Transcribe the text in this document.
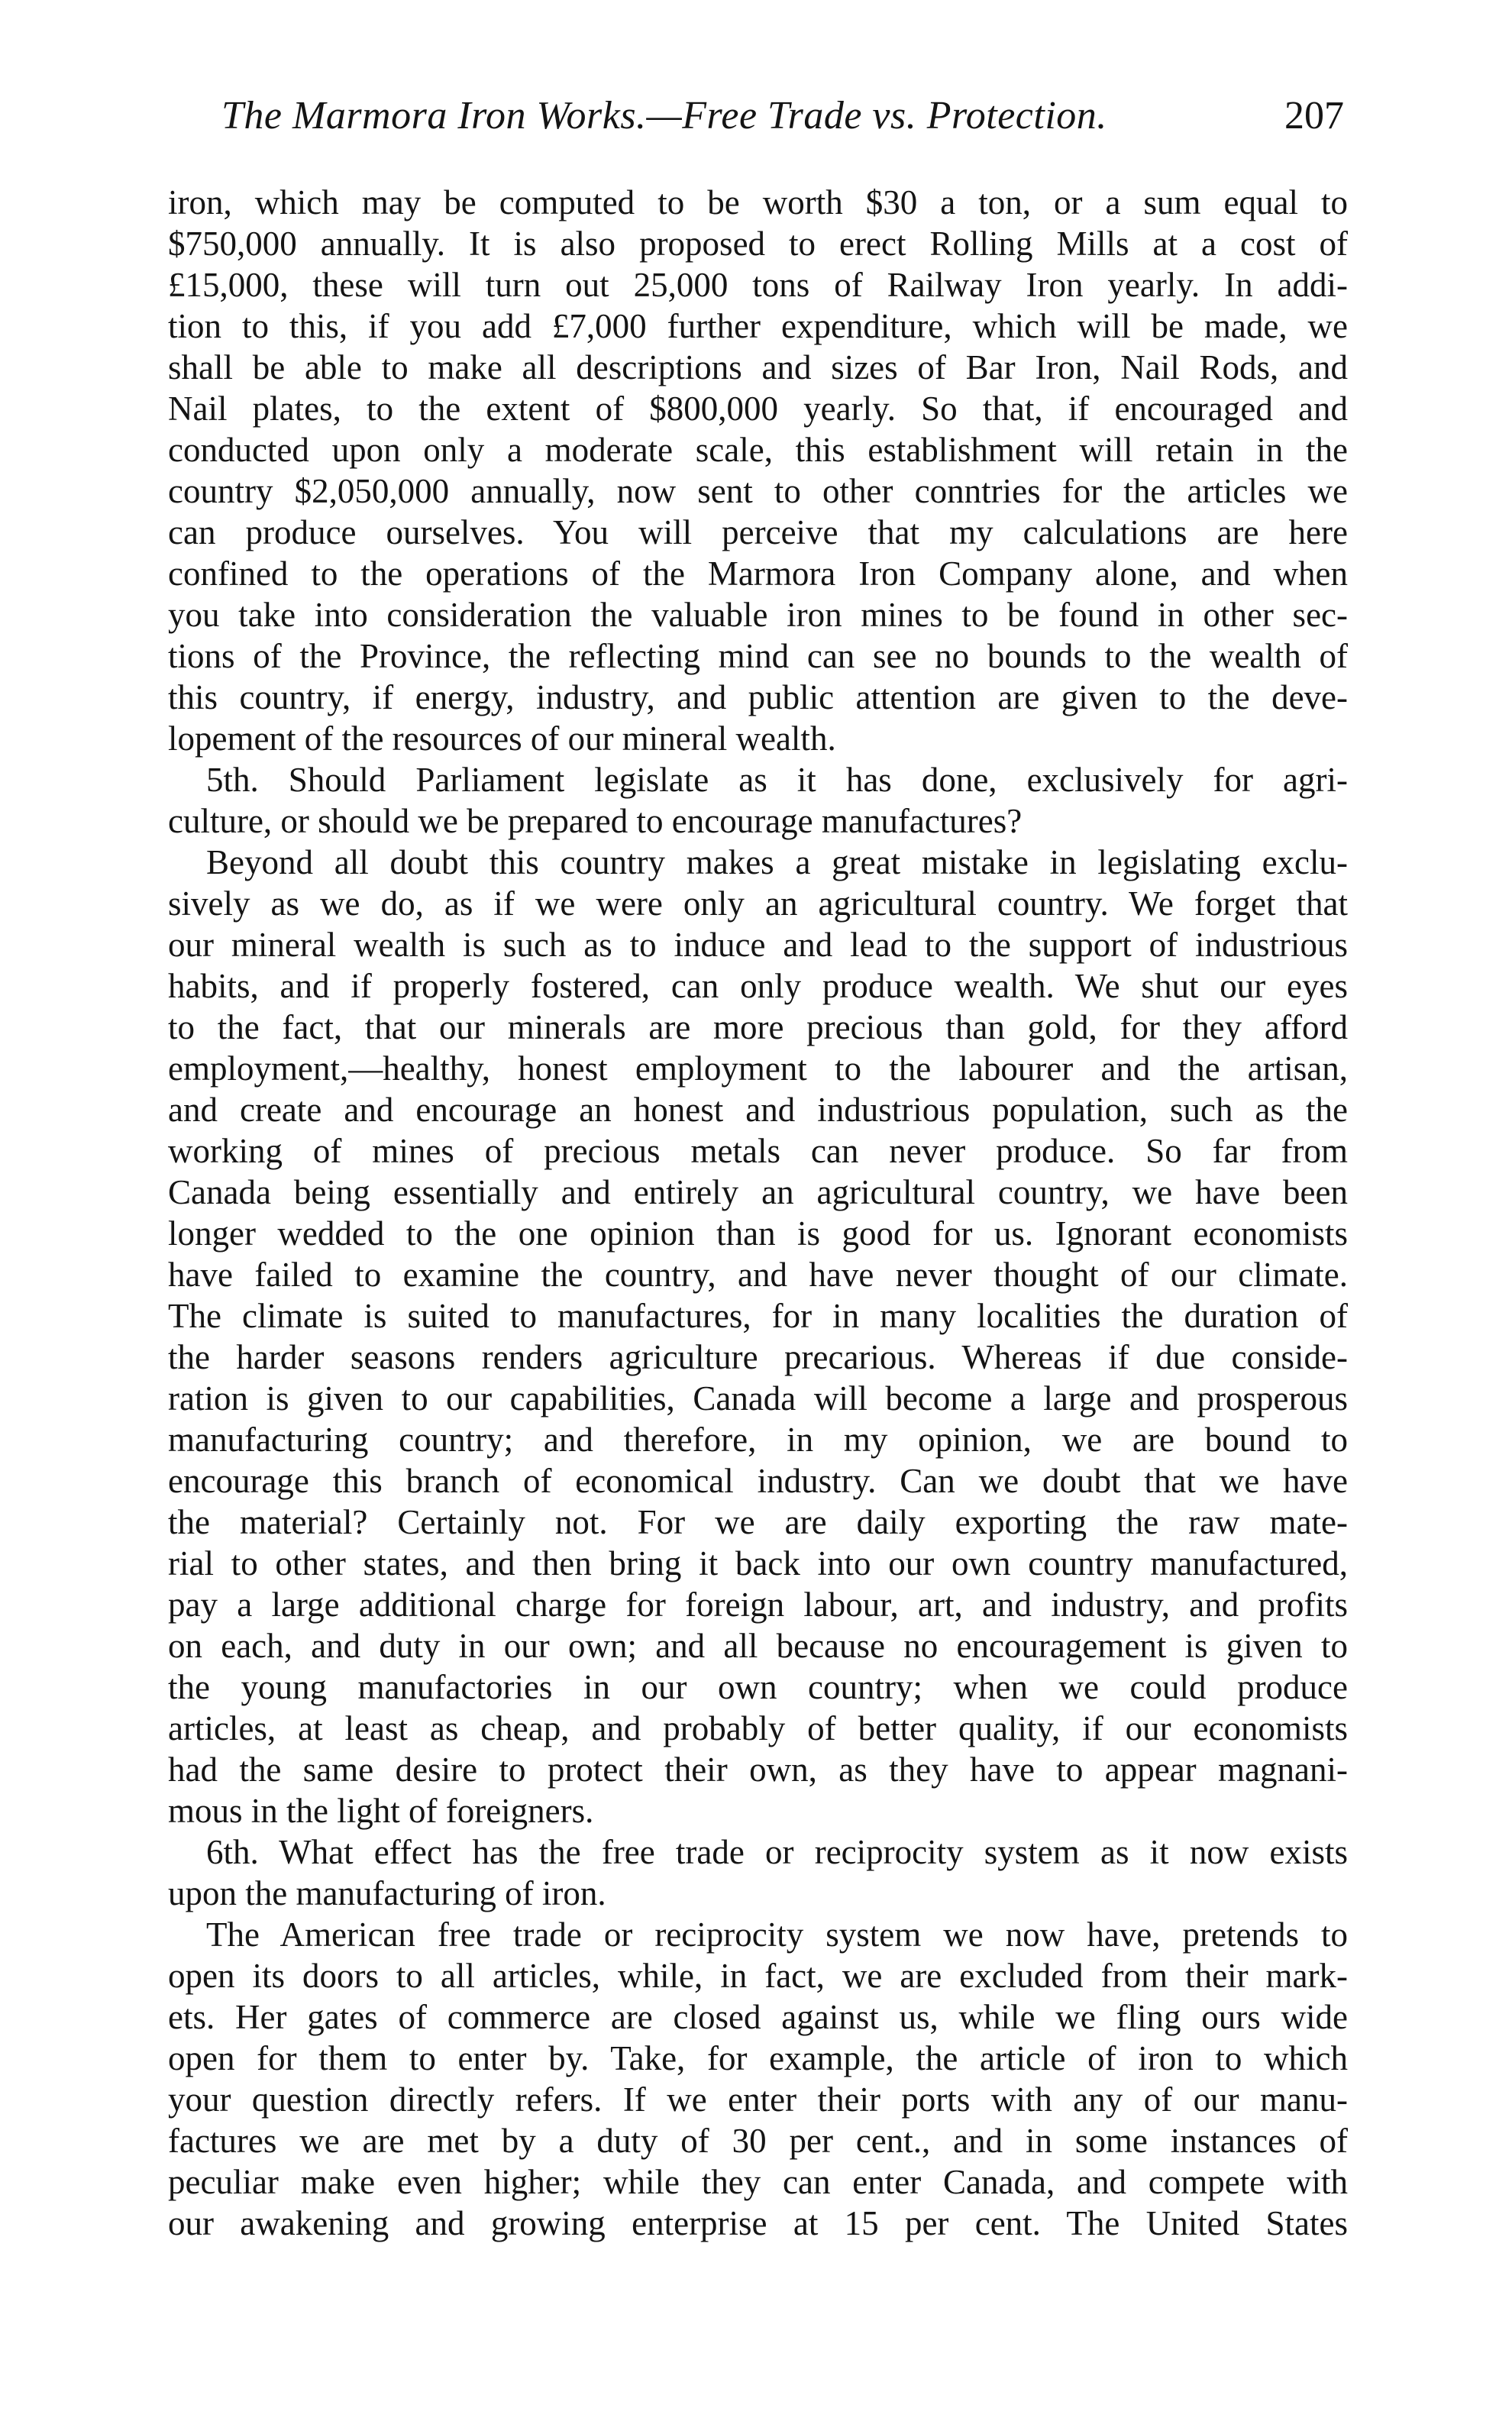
The Marmora Iron Works.—Free Trade vs. Protection.	207
iron, which may be computed to be worth $30 a ton, or a sum equal to
$750,000 annually. It is also proposed to erect Rolling Mills at a cost of
£15,000, these will turn out 25,000 tons of Railway Iron yearly. In addi-
tion to this, if you add £7,000 further expenditure, which will be made, we
shall be able to make all descriptions and sizes of Bar Iron, Nail Rods, and
Nail plates, to the extent of $800,000 yearly. So that, if encouraged and
conducted upon only a moderate scale, this establishment will retain in the
country $2,050,000 annually, now sent to other conntries for the articles we
can produce ourselves. You will perceive that my calculations are here
confined to the operations of the Marmora Iron Company alone, and when
you take into consideration the valuable iron mines to be found in other sec-
tions of the Province, the reflecting mind can see no bounds to the wealth of
this country, if energy, industry, and public attention are given to the deve-
lopement of the resources of our mineral wealth.
5th. Should Parliament legislate as it has done, exclusively for agri-
culture, or should we be prepared to encourage manufactures?
Beyond all doubt this country makes a great mistake in legislating exclu-
sively as we do, as if we were only an agricultural country. We forget that
our mineral wealth is such as to induce and lead to the support of industrious
habits, and if properly fostered, can only produce wealth. We shut our eyes
to the fact, that our minerals are more precious than gold, for they afford
employment,—healthy, honest employment to the labourer and the artisan,
and create and encourage an honest and industrious population, such as the
working of mines of precious metals can never produce. So far from
Canada being essentially and entirely an agricultural country, we have been
longer wedded to the one opinion than is good for us. Ignorant economists
have failed to examine the country, and have never thought of our climate.
The climate is suited to manufactures, for in many localities the duration of
the harder seasons renders agriculture precarious. Whereas if due conside-
ration is given to our capabilities, Canada will become a large and prosperous
manufacturing country; and therefore, in my opinion, we are bound to
encourage this branch of economical industry. Can we doubt that we have
the material? Certainly not. For we are daily exporting the raw mate-
rial to other states, and then bring it back into our own country manufactured,
pay a large additional charge for foreign labour, art, and industry, and profits
on each, and duty in our own; and all because no encouragement is given to
the young manufactories in our own country; when we could produce
articles, at least as cheap, and probably of better quality, if our economists
had the same desire to protect their own, as they have to appear magnani-
mous in the light of foreigners.
6th. What effect has the free trade or reciprocity system as it now exists
upon the manufacturing of iron.
The American free trade or reciprocity system we now have, pretends to
open its doors to all articles, while, in fact, we are excluded from their mark-
ets. Her gates of commerce are closed against us, while we fling ours wide
open for them to enter by. Take, for example, the article of iron to which
your question directly refers. If we enter their ports with any of our manu-
factures we are met by a duty of 30 per cent., and in some instances of
peculiar make even higher; while they can enter Canada, and compete with
our awakening and growing enterprise at 15 per cent. The United States
